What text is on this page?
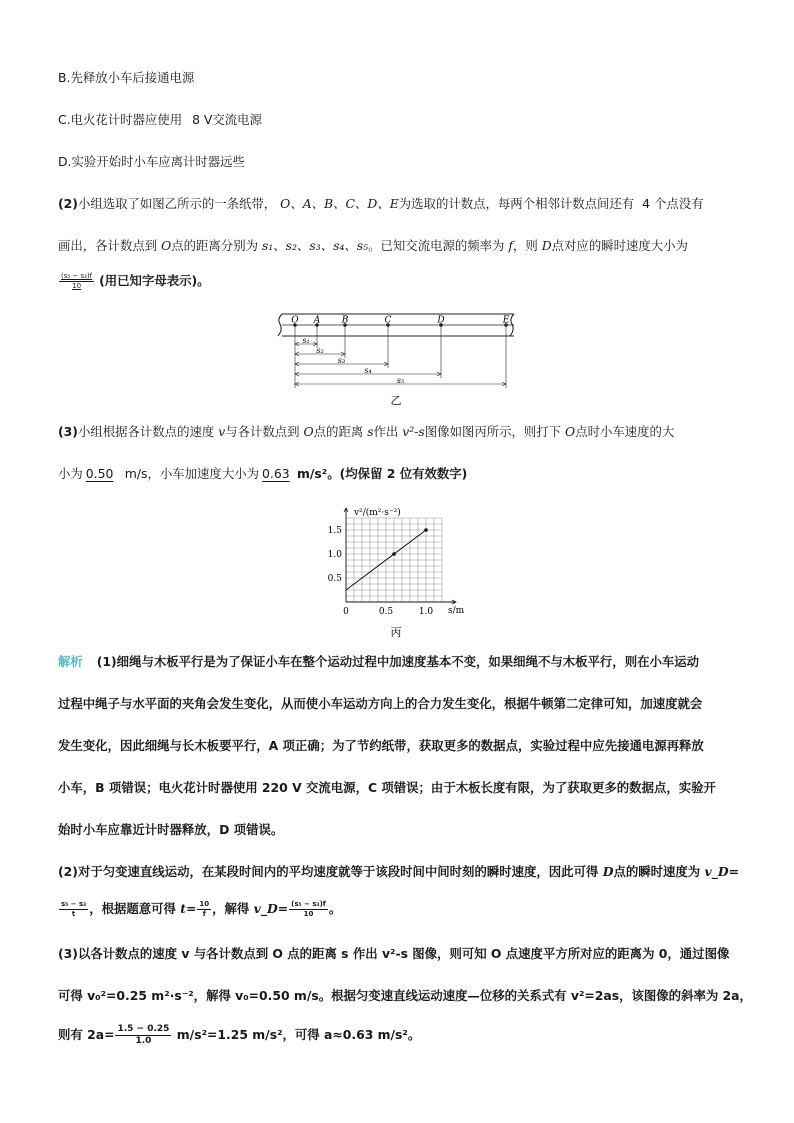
B.先释放小车后接通电源
C.电火花计时器应使用 8 V交流电源
D.实验开始时小车应离计时器远些
(2)小组选取了如图乙所示的一条纸带， O、A、B、C、D、E为选取的计数点，每两个相邻计数点间还有 4 个点没有
画出，各计数点到 O点的距离分别为 s₁、s₂、s₃、s₄、s₅。已知交流电源的频率为 f，则 D点对应的瞬时速度大小为
$\frac{\text{(s₅ − s₃)f}}{10}$ (用已知字母表示)。
O A B	C	D	E
s₁
s₂
s₃
s₄
s₅
乙
(3)小组根据各计数点的速度 v与各计数点到 O点的距离 s作出 v²-s图像如图丙所示，则打下 O点时小车速度的大
小为 0.50 m/s，小车加速度大小为 0.63 m/s²。(均保留 2 位有效数字)
0	0.5	1.0
0.5
1.0
1.5
v²/(m²·s⁻²)
s/m
丙
解析 (1)细绳与木板平行是为了保证小车在整个运动过程中加速度基本不变，如果细绳不与木板平行，则在小车运动
过程中绳子与水平面的夹角会发生变化，从而使小车运动方向上的合力发生变化，根据牛顿第二定律可知，加速度就会
发生变化，因此细绳与长木板要平行，A 项正确；为了节约纸带，获取更多的数据点，实验过程中应先接通电源再释放
小车，B 项错误；电火花计时器使用 220 V 交流电源，C 项错误；由于木板长度有限，为了获取更多的数据点，实验开
始时小车应靠近计时器释放，D 项错误。
(2)对于匀变速直线运动，在某段时间内的平均速度就等于该段时间中间时刻的瞬时速度，因此可得 D点的瞬时速度为 v_D=
$\frac{\text{s₅ − s₃}}{t}$ ，根据题意可得 $t= \frac{10}{f}$ ，解得 v_D= $\frac{\text{(s₅ − s₃)f}}{10}$ 。
(3)以各计数点的速度 v 与各计数点到 O 点的距离 s 作出 v²-s 图像，则可知 O 点速度平方所对应的距离为 0，通过图像
可得 v₀²=0.25 m²·s⁻²，解得 v₀=0.50 m/s。根据匀变速直线运动速度—位移的关系式有 v²=2as，该图像的斜率为 2a，
则有 $2a= \frac{1.5 - 0.25}{1.0} m/s^2=1.25$ m/s²，可得 a≈0.63 m/s²。
